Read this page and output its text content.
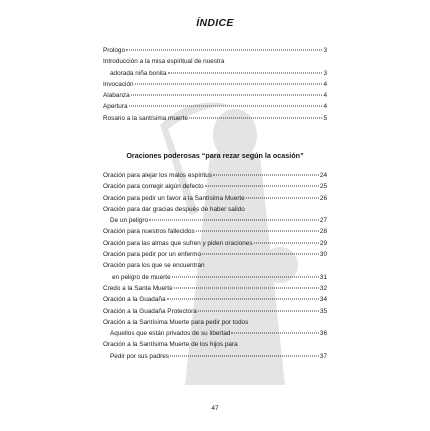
ÍNDICE
Prologo	3
Introducción a la misa espiritual de nuestra
adorada niña bonita	3
Invocación	4
Alabanza	4
Apertura	4
Rosario a la santísima muerte	5
Oraciones poderosas “para rezar según la ocasión”
Oración para alejar los malos espíritus	24
Oración para corregir algún defecto	25
Oración para pedir un favor a la Santísima Muerte	26
Oración para dar gracias después de haber salido
De un peligro	27
Oración para nuestros fallecidos	28
Oración para las almas que sufren y piden oraciones	29
Oración para pedir por un enfermo	30
Oración para los que se encuentran
en peligro de muerte	31
Credo a la Santa Muerte	32
Oración a la Guadaña	34
Oración a la Guadaña Protectora	35
Oración a la Santísima Muerte para pedir por todos
Aquellos que están privados de su libertad	36
Oración a la Santísima Muerte de los hijos para
Pedir por sus padres	37
47
